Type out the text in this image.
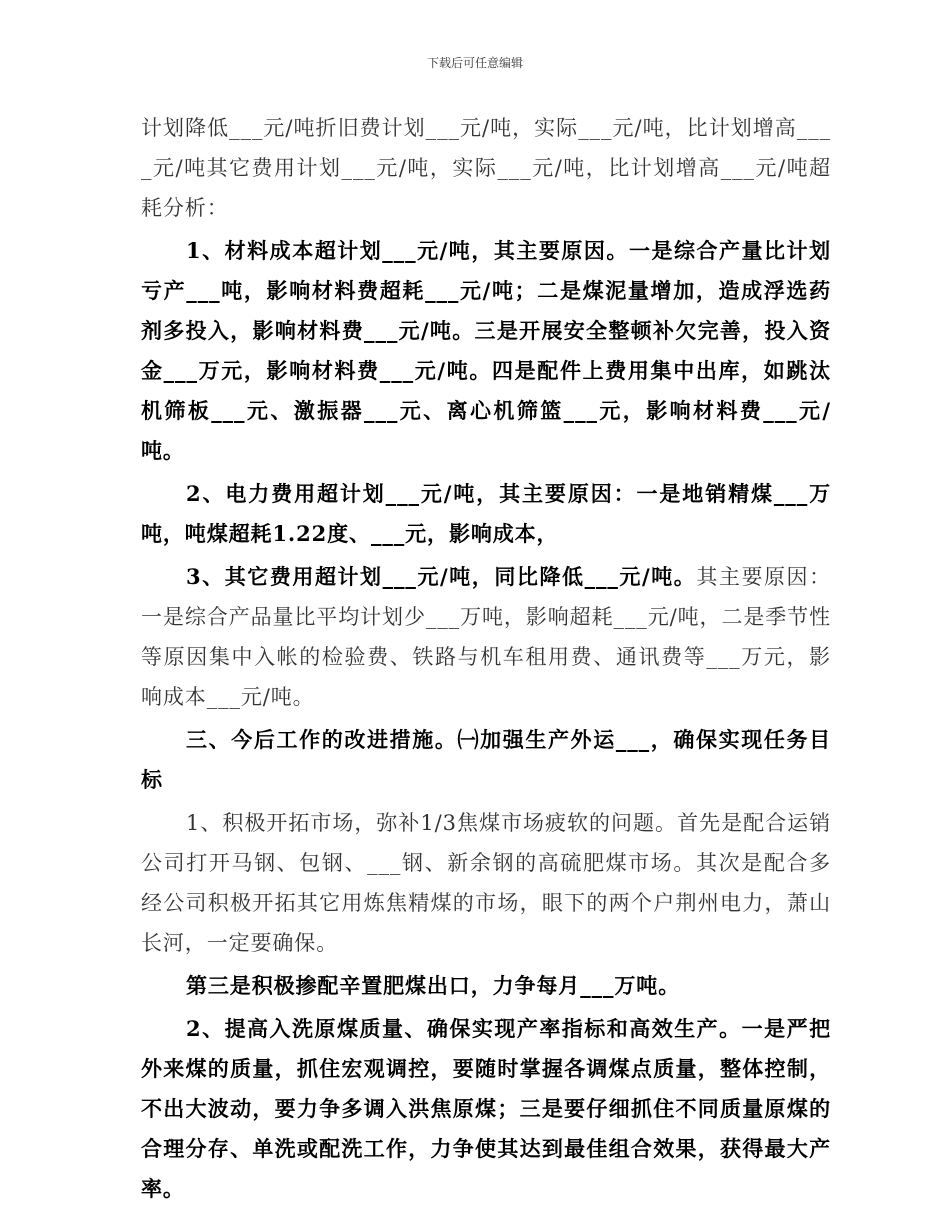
下载后可任意编辑

计划降低___元/吨折旧费计划___元/吨，实际___元/吨，比计划增高____元/吨其它费用计划___元/吨，实际___元/吨，比计划增高___元/吨超耗分析：

1、材料成本超计划___元/吨，其主要原因。一是综合产量比计划亏产___吨，影响材料费超耗___元/吨；二是煤泥量增加，造成浮选药剂多投入，影响材料费___元/吨。三是开展安全整顿补欠完善，投入资金___万元，影响材料费___元/吨。四是配件上费用集中出库，如跳汰机筛板___元、激振器___元、离心机筛篮___元，影响材料费___元/吨。

2、电力费用超计划___元/吨，其主要原因：一是地销精煤___万吨，吨煤超耗1.22度、___元，影响成本，

3、其它费用超计划___元/吨，同比降低___元/吨。其主要原因：一是综合产品量比平均计划少___万吨，影响超耗___元/吨，二是季节性等原因集中入帐的检验费、铁路与机车租用费、通讯费等___万元，影响成本___元/吨。

三、今后工作的改进措施。㈠加强生产外运___，确保实现任务目标

1、积极开拓市场，弥补1/3焦煤市场疲软的问题。首先是配合运销公司打开马钢、包钢、___钢、新余钢的高硫肥煤市场。其次是配合多经公司积极开拓其它用炼焦精煤的市场，眼下的两个户荆州电力，萧山长河，一定要确保。

第三是积极掺配辛置肥煤出口，力争每月___万吨。

2、提高入洗原煤质量、确保实现产率指标和高效生产。一是严把外来煤的质量，抓住宏观调控，要随时掌握各调煤点质量，整体控制，不出大波动，要力争多调入洪焦原煤；三是要仔细抓住不同质量原煤的合理分存、单洗或配洗工作，力争使其达到最佳组合效果，获得最大产率。
